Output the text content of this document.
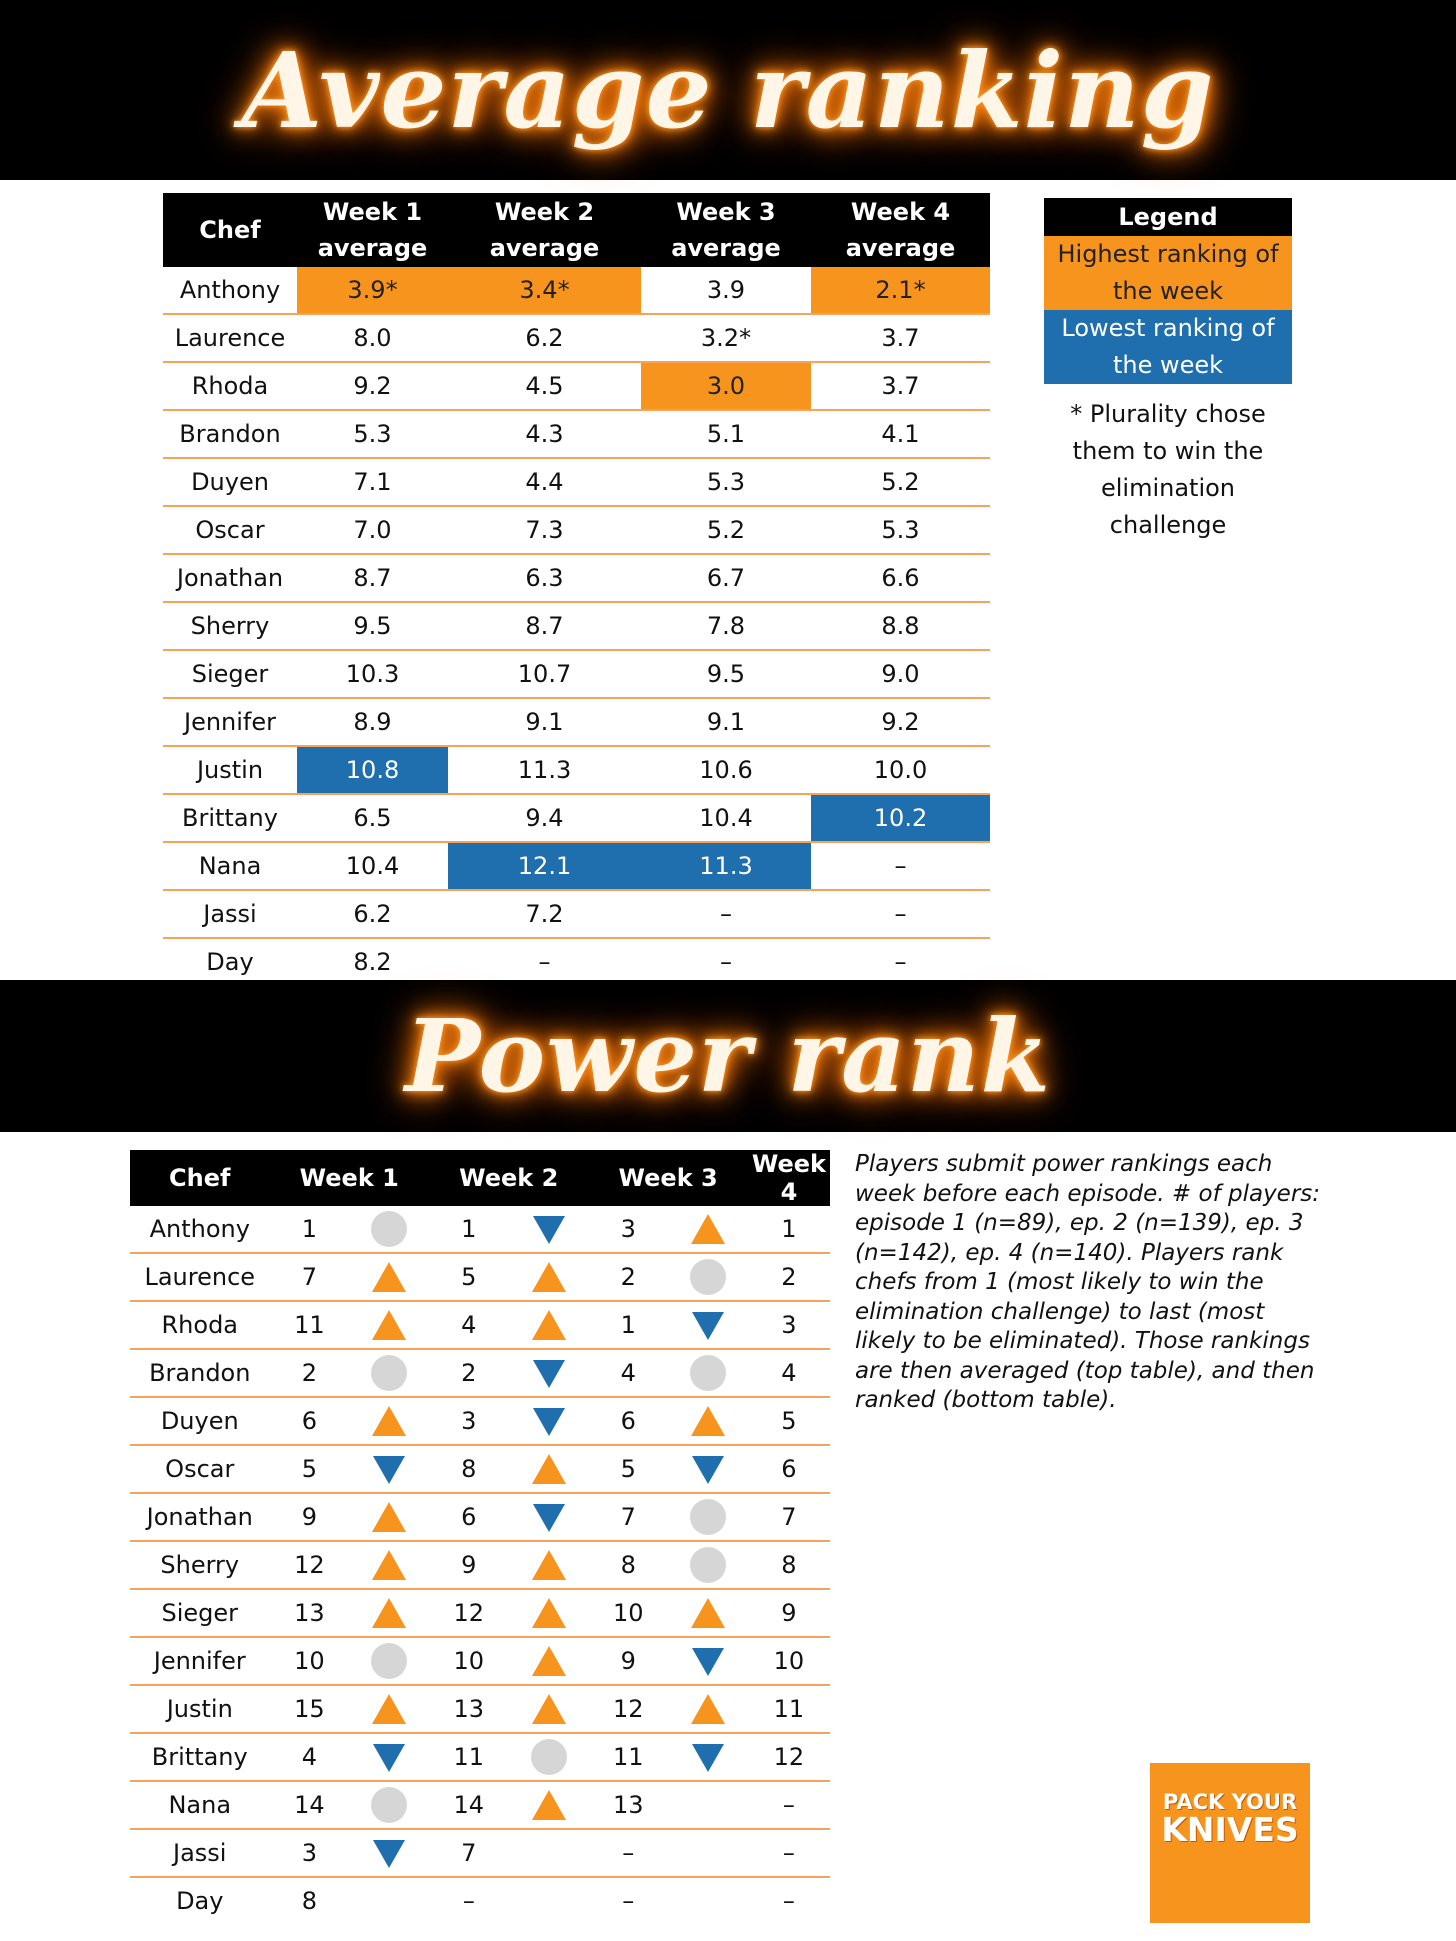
Average ranking
Chef	Week 1 average	Week 2 average	Week 3 average	Week 4 average
Anthony	3.9*	3.4*	3.9	2.1*
Laurence	8.0	6.2	3.2*	3.7
Rhoda	9.2	4.5	3.0	3.7
Brandon	5.3	4.3	5.1	4.1
Duyen	7.1	4.4	5.3	5.2
Oscar	7.0	7.3	5.2	5.3
Jonathan	8.7	6.3	6.7	6.6
Sherry	9.5	8.7	7.8	8.8
Sieger	10.3	10.7	9.5	9.0
Jennifer	8.9	9.1	9.1	9.2
Justin	10.8	11.3	10.6	10.0
Brittany	6.5	9.4	10.4	10.2
Nana	10.4	12.1	11.3	–
Jassi	6.2	7.2	–	–
Day	8.2	–	–	–
Legend
Highest ranking of the week
Lowest ranking of the week
* Plurality chose them to win the elimination challenge
Power rank
Chef	Week 1		Week 2		Week 3		Week 4
Anthony	1		1		3		1
Laurence	7		5		2		2
Rhoda	11		4		1		3
Brandon	2		2		4		4
Duyen	6		3		6		5
Oscar	5		8		5		6
Jonathan	9		6		7		7
Sherry	12		9		8		8
Sieger	13		12		10		9
Jennifer	10		10		9		10
Justin	15		13		12		11
Brittany	4		11		11		12
Nana	14		14		13		–
Jassi	3		7		–		–
Day	8		–		–		–
Players submit power rankings each week before each episode. # of players: episode 1 (n=89), ep. 2 (n=139), ep. 3 (n=142), ep. 4 (n=140). Players rank chefs from 1 (most likely to win the elimination challenge) to last (most likely to be eliminated). Those rankings are then averaged (top table), and then ranked (bottom table).
PACK YOUR
KNIVES
